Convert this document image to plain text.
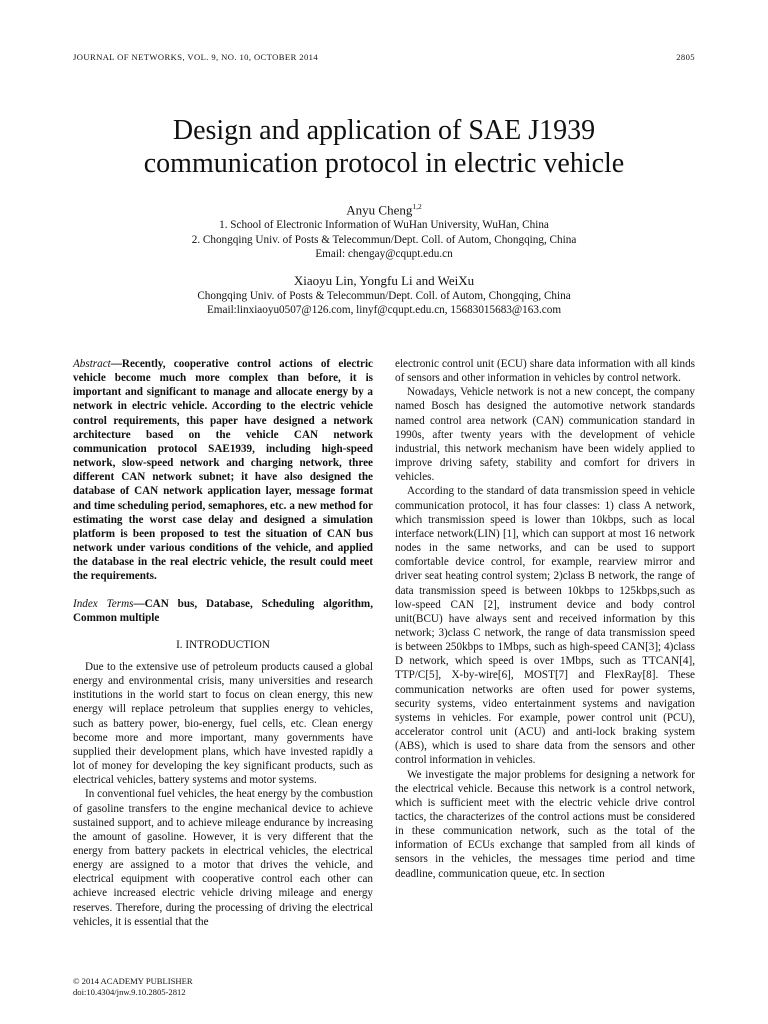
JOURNAL OF NETWORKS, VOL. 9, NO. 10, OCTOBER 2014	2805
Design and application of SAE J1939
communication protocol in electric vehicle
Anyu Cheng$^{1,2}$
1. School of Electronic Information of WuHan University, WuHan, China
2. Chongqing Univ. of Posts & Telecommun/Dept. Coll. of Autom, Chongqing, China
Email: chengay@cqupt.edu.cn
Xiaoyu Lin, Yongfu Li and WeiXu
Chongqing Univ. of Posts & Telecommun/Dept. Coll. of Autom, Chongqing, China
Email:linxiaoyu0507@126.com, linyf@cqupt.edu.cn, 15683015683@163.com

Abstract—Recently, cooperative control actions of electric vehicle become much more complex than before, it is important and significant to manage and allocate energy by a network in electric vehicle. According to the electric vehicle control requirements, this paper have designed a network architecture based on the vehicle CAN network communication protocol SAE1939, including high-speed network, slow-speed network and charging network, three different CAN network subnet; it have also designed the database of CAN network application layer, message format and time scheduling period, semaphores, etc. a new method for estimating the worst case delay and designed a simulation platform is been proposed to test the situation of CAN bus network under various conditions of the vehicle, and applied the database in the real electric vehicle, the result could meet the requirements.

Index Terms—CAN bus, Database, Scheduling algorithm, Common multiple

I. INTRODUCTION

Due to the extensive use of petroleum products caused a global energy and environmental crisis, many universities and research institutions in the world start to focus on clean energy, this new energy will replace petroleum that supplies energy to vehicles, such as battery power, bio-energy, fuel cells, etc. Clean energy become more and more important, many governments have supplied their development plans, which have invested rapidly a lot of money for developing the key significant products, such as electrical vehicles, battery systems and motor systems.

In conventional fuel vehicles, the heat energy by the combustion of gasoline transfers to the engine mechanical device to achieve sustained support, and to achieve mileage endurance by increasing the amount of gasoline. However, it is very different that the energy from battery packets in electrical vehicles, the electrical energy are assigned to a motor that drives the vehicle, and electrical equipment with cooperative control each other can achieve increased electric vehicle driving mileage and energy reserves. Therefore, during the processing of driving the electrical vehicles, it is essential that the

electronic control unit (ECU) share data information with all kinds of sensors and other information in vehicles by control network.

Nowadays, Vehicle network is not a new concept, the company named Bosch has designed the automotive network standards named control area network (CAN) communication standard in 1990s, after twenty years with the development of vehicle industrial, this network mechanism have been widely applied to improve driving safety, stability and comfort for drivers in vehicles.

According to the standard of data transmission speed in vehicle communication protocol, it has four classes: 1) class A network, which transmission speed is lower than 10kbps, such as local interface network(LIN) [1], which can support at most 16 network nodes in the same networks, and can be used to support comfortable device control, for example, rearview mirror and driver seat heating control system; 2)class B network, the range of data transmission speed is between 10kbps to 125kbps,such as low-speed CAN [2], instrument device and body control unit(BCU) have always sent and received information by this network; 3)class C network, the range of data transmission speed is between 250kbps to 1Mbps, such as high-speed CAN[3]; 4)class D network, which speed is over 1Mbps, such as TTCAN[4], TTP/C[5], X-by-wire[6], MOST[7] and FlexRay[8]. These communication networks are often used for power systems, security systems, video entertainment systems and navigation systems in vehicles. For example, power control unit (PCU), accelerator control unit (ACU) and anti-lock braking system (ABS), which is used to share data from the sensors and other control information in vehicles.

We investigate the major problems for designing a network for the electrical vehicle. Because this network is a control network, which is sufficient meet with the electric vehicle drive control tactics, the characterizes of the control actions must be considered in these communication network, such as the total of the information of ECUs exchange that sampled from all kinds of sensors in the vehicles, the messages time period and time deadline, communication queue, etc. In section

© 2014 ACADEMY PUBLISHER
doi:10.4304/jnw.9.10.2805-2812
